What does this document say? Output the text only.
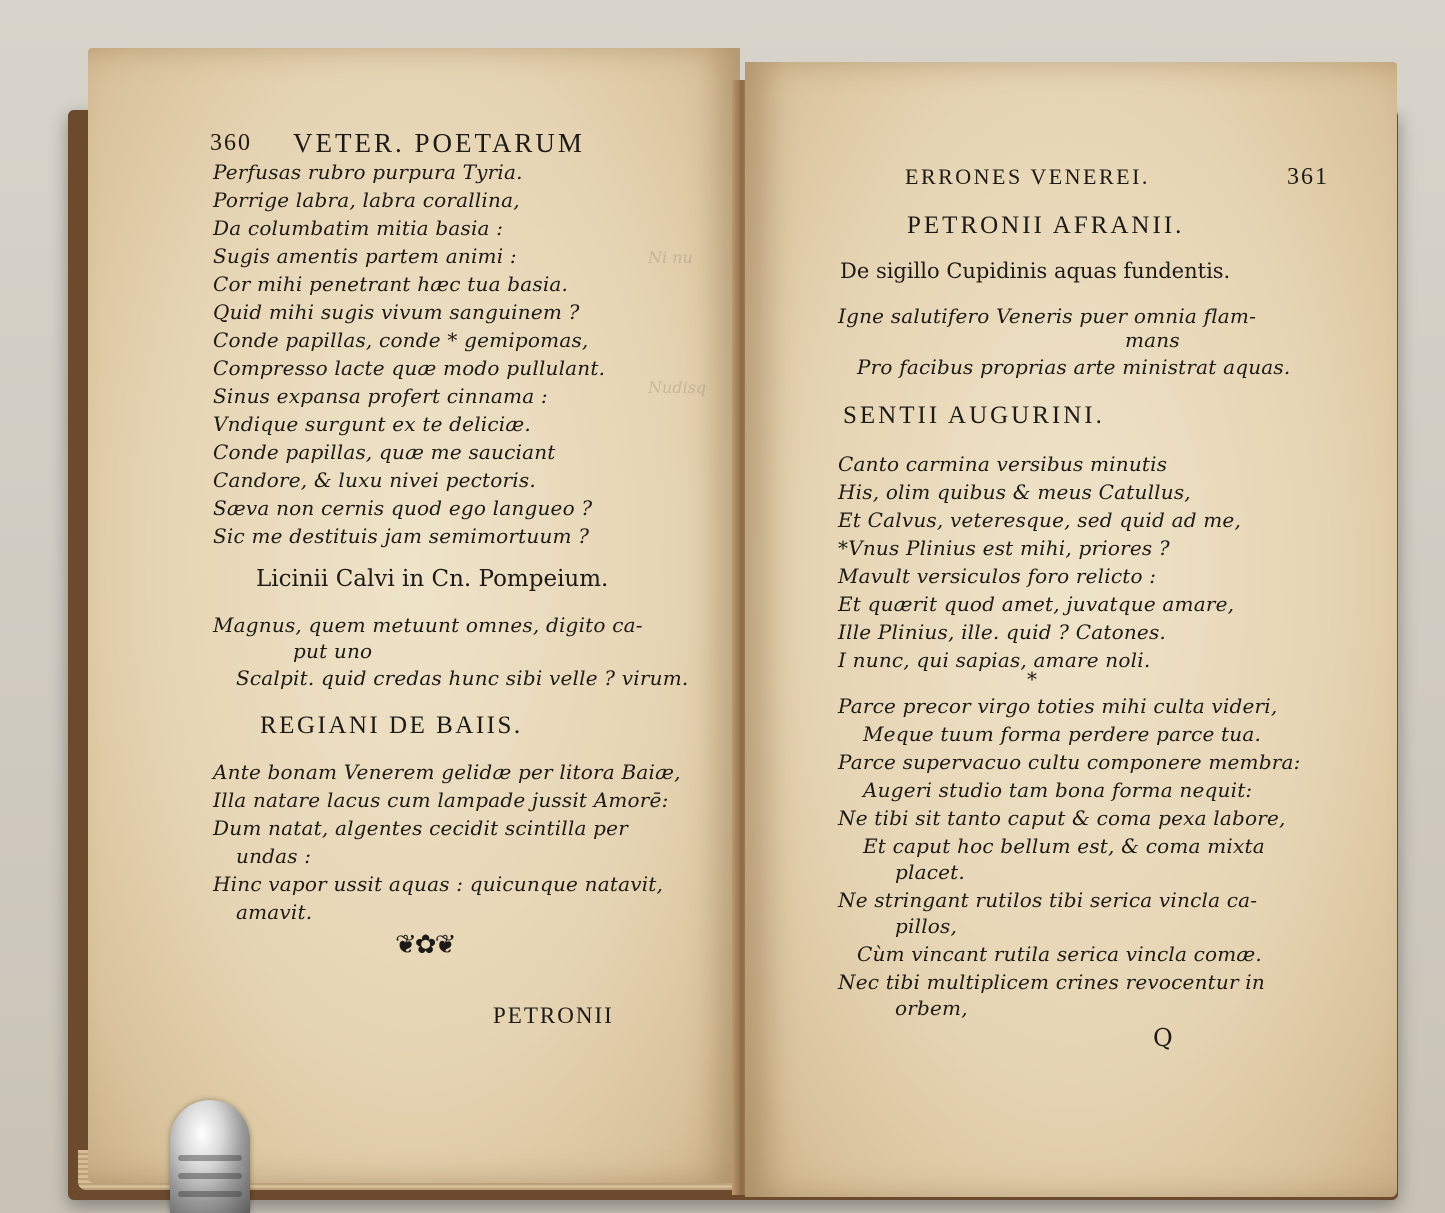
Ni nu
Nudisq
360 VETER. POETARUM
Perfusas rubro purpura Tyria.
Porrige labra, labra corallina,
Da columbatim mitia basia :
Sugis amentis partem animi :
Cor mihi penetrant hæc tua basia.
Quid mihi sugis vivum sanguinem ?
Conde papillas, conde * gemipomas,
Compresso lacte quæ modo pullulant.
Sinus expansa profert cinnama :
Vndique surgunt ex te deliciæ.
Conde papillas, quæ me sauciant
Candore, & luxu nivei pectoris.
Sæva non cernis quod ego langueo ?
Sic me destituis jam semimortuum ?
Licinii Calvi in Cn. Pompeium.
Magnus, quem metuunt omnes, digito ca-
put uno
Scalpit. quid credas hunc sibi velle ? virum.
REGIANI DE BAIIS.
Ante bonam Venerem gelidæ per litora Baiæ,
Illa natare lacus cum lampade jussit Amorē:
Dum natat, algentes cecidit scintilla per
undas :
Hinc vapor ussit aquas : quicunque natavit,
amavit.
❦✿❦
PETRONII
ERRONES VENEREI.	361
PETRONII AFRANII.
De sigillo Cupidinis aquas fundentis.
Igne salutifero Veneris puer omnia flam-
mans
Pro facibus proprias arte ministrat aquas.
SENTII AUGURINI.
Canto carmina versibus minutis
His, olim quibus & meus Catullus,
Et Calvus, veteresque, sed quid ad me,
*Vnus Plinius est mihi, priores ?
Mavult versiculos foro relicto :
Et quærit quod amet, juvatque amare,
Ille Plinius, ille. quid ? Catones.
I nunc, qui sapias, amare noli.
*
Parce precor virgo toties mihi culta videri,
Meque tuum forma perdere parce tua.
Parce supervacuo cultu componere membra:
Augeri studio tam bona forma nequit:
Ne tibi sit tanto caput & coma pexa labore,
Et caput hoc bellum est, & coma mixta
placet.
Ne stringant rutilos tibi serica vincla ca-
pillos,
Cùm vincant rutila serica vincla comæ.
Nec tibi multiplicem crines revocentur in
orbem,
Q
